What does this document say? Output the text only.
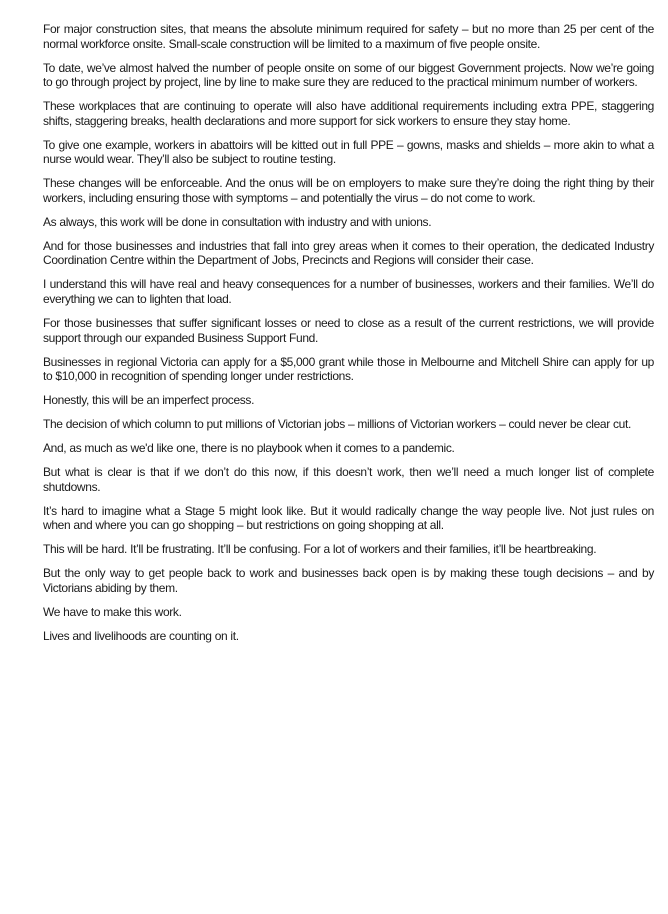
For major construction sites, that means the absolute minimum required for safety – but no more than 25 per cent of the normal workforce onsite. Small-scale construction will be limited to a maximum of five people onsite.

To date, we’ve almost halved the number of people onsite on some of our biggest Government projects. Now we’re going to go through project by project, line by line to make sure they are reduced to the practical minimum number of workers.

These workplaces that are continuing to operate will also have additional requirements including extra PPE, staggering shifts, staggering breaks, health declarations and more support for sick workers to ensure they stay home.

To give one example, workers in abattoirs will be kitted out in full PPE – gowns, masks and shields – more akin to what a nurse would wear. They’ll also be subject to routine testing.

These changes will be enforceable. And the onus will be on employers to make sure they’re doing the right thing by their workers, including ensuring those with symptoms – and potentially the virus – do not come to work.

As always, this work will be done in consultation with industry and with unions.

And for those businesses and industries that fall into grey areas when it comes to their operation, the dedicated Industry Coordination Centre within the Department of Jobs, Precincts and Regions will consider their case.

I understand this will have real and heavy consequences for a number of businesses, workers and their families. We’ll do everything we can to lighten that load.

For those businesses that suffer significant losses or need to close as a result of the current restrictions, we will provide support through our expanded Business Support Fund.

Businesses in regional Victoria can apply for a $5,000 grant while those in Melbourne and Mitchell Shire can apply for up to $10,000 in recognition of spending longer under restrictions.

Honestly, this will be an imperfect process.

The decision of which column to put millions of Victorian jobs – millions of Victorian workers – could never be clear cut.

And, as much as we'd like one, there is no playbook when it comes to a pandemic.

But what is clear is that if we don’t do this now, if this doesn’t work, then we’ll need a much longer list of complete shutdowns.

It’s hard to imagine what a Stage 5 might look like. But it would radically change the way people live. Not just rules on when and where you can go shopping – but restrictions on going shopping at all.

This will be hard. It’ll be frustrating. It’ll be confusing. For a lot of workers and their families, it’ll be heartbreaking.

But the only way to get people back to work and businesses back open is by making these tough decisions – and by Victorians abiding by them.

We have to make this work.

Lives and livelihoods are counting on it.
